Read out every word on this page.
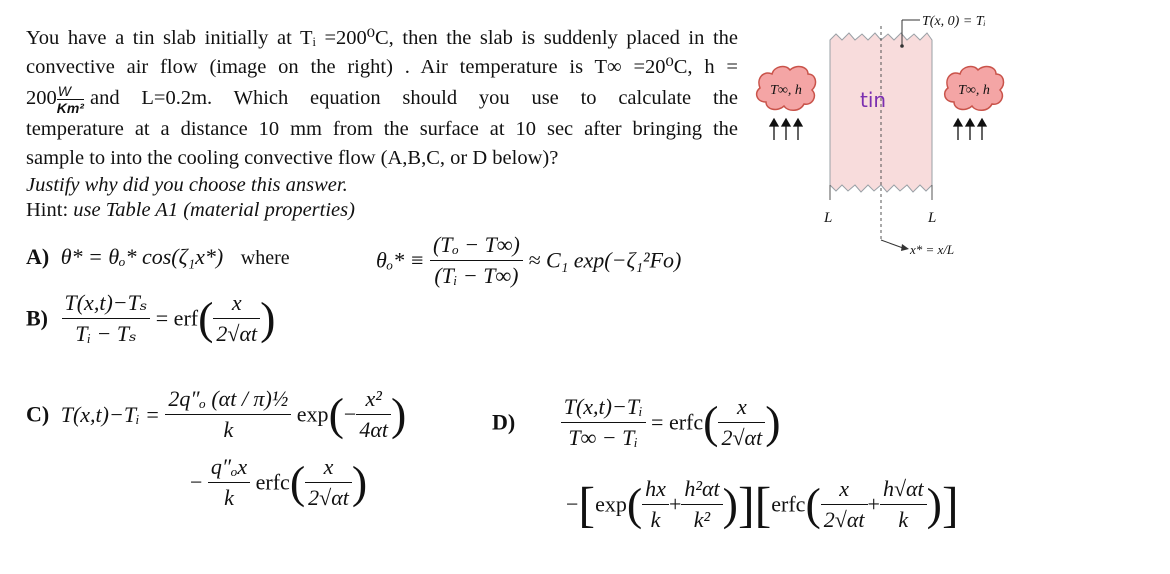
You have a tin slab initially at Tᵢ =200⁰C, then the slab is suddenly placed in the
convective air flow (image on the right) . Air temperature is T∞ =20⁰C, h =
$200 \frac{W}{\text{Km²}}$ and L=0.2m. Which equation should you use to calculate the
temperature at a distance 10 mm from the surface at 10 sec after bringing the
sample to into the cooling convective flow (A,B,C, or D below)?
Justify why did you choose this answer.
Hint: use Table A1 (material properties)
A) θ* = θₒ* cos(ζ₁x*) where	$\theta_o* \equiv \frac{\text{(Tₒ − T∞)}}{\text{(Tᵢ − T∞)}} \approx C_1$ exp(−ζ₁²Fo)
$B) \frac{\text{T(x,t)−Tₛ}}{\text{Tᵢ − Tₛ}} = erf( \frac{x}{2√\alpha t}$ )
C) T(x,t)−Tᵢ = $\frac{\text{2q″ₒ (αt / π)½}}{k} \exp(- \frac{\text{x²}}{4\alpha t}$ )
− $\frac{\text{q″ₒx}}{k}$ erfc( $\frac{x}{2√\alpha t}$ )
$D) \frac{\text{T(x,t)−Tᵢ}}{\text{T∞ − Tᵢ}}$ = erfc( $\frac{x}{2√\alpha t}$ )
$-[\exp( \frac{hx}{k} + \frac{\text{h²αt}}{\text{k²}}$ )][erfc( $\frac{x}{2√\alpha t} + \frac{h√\alpha t}{k}$ )]
T(x, 0) = Tᵢ
T∞, h	T∞, h
tin
L	L
x* = x/L
